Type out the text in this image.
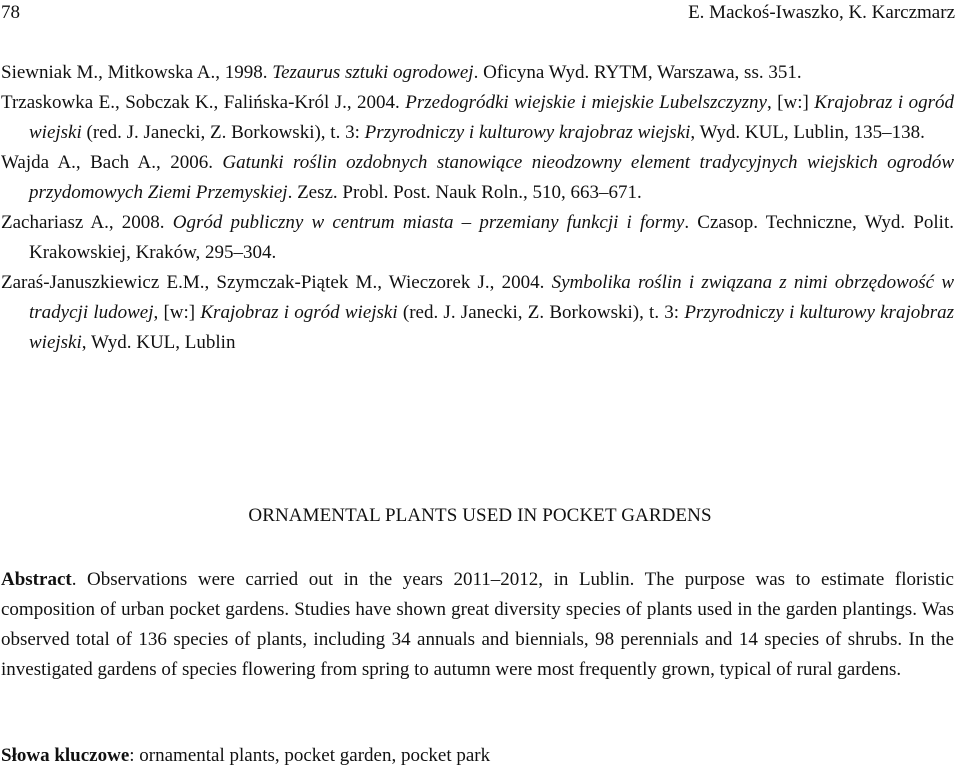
78	E. Mackoś-Iwaszko, K. Karczmarz

Siewniak M., Mitkowska A., 1998. Tezaurus sztuki ogrodowej. Oficyna Wyd. RYTM, Warszawa, ss. 351.

Trzaskowka E., Sobczak K., Falińska-Król J., 2004. Przedogródki wiejskie i miejskie Lubelszczyzny, [w:] Krajobraz i ogród wiejski (red. J. Janecki, Z. Borkowski), t. 3: Przyrodniczy i kulturowy krajobraz wiejski, Wyd. KUL, Lublin, 135–138.

Wajda A., Bach A., 2006. Gatunki roślin ozdobnych stanowiące nieodzowny element tradycyjnych wiejskich ogrodów przydomowych Ziemi Przemyskiej. Zesz. Probl. Post. Nauk Roln., 510, 663–671.

Zachariasz A., 2008. Ogród publiczny w centrum miasta – przemiany funkcji i formy. Czasop. Techniczne, Wyd. Polit. Krakowskiej, Kraków, 295–304.

Zaraś-Januszkiewicz E.M., Szymczak-Piątek M., Wieczorek J., 2004. Symbolika roślin i związana z nimi obrzędowość w tradycji ludowej, [w:] Krajobraz i ogród wiejski (red. J. Janecki, Z. Borkowski), t. 3: Przyrodniczy i kulturowy krajobraz wiejski, Wyd. KUL, Lublin

ORNAMENTAL PLANTS USED IN POCKET GARDENS
Abstract. Observations were carried out in the years 2011–2012, in Lublin. The purpose was to estimate floristic composition of urban pocket gardens. Studies have shown great diversity species of plants used in the garden plantings. Was observed total of 136 species of plants, including 34 annuals and biennials, 98 perennials and 14 species of shrubs. In the investigated gardens of species flowering from spring to autumn were most frequently grown, typical of rural gardens.
Słowa kluczowe: ornamental plants, pocket garden, pocket park
